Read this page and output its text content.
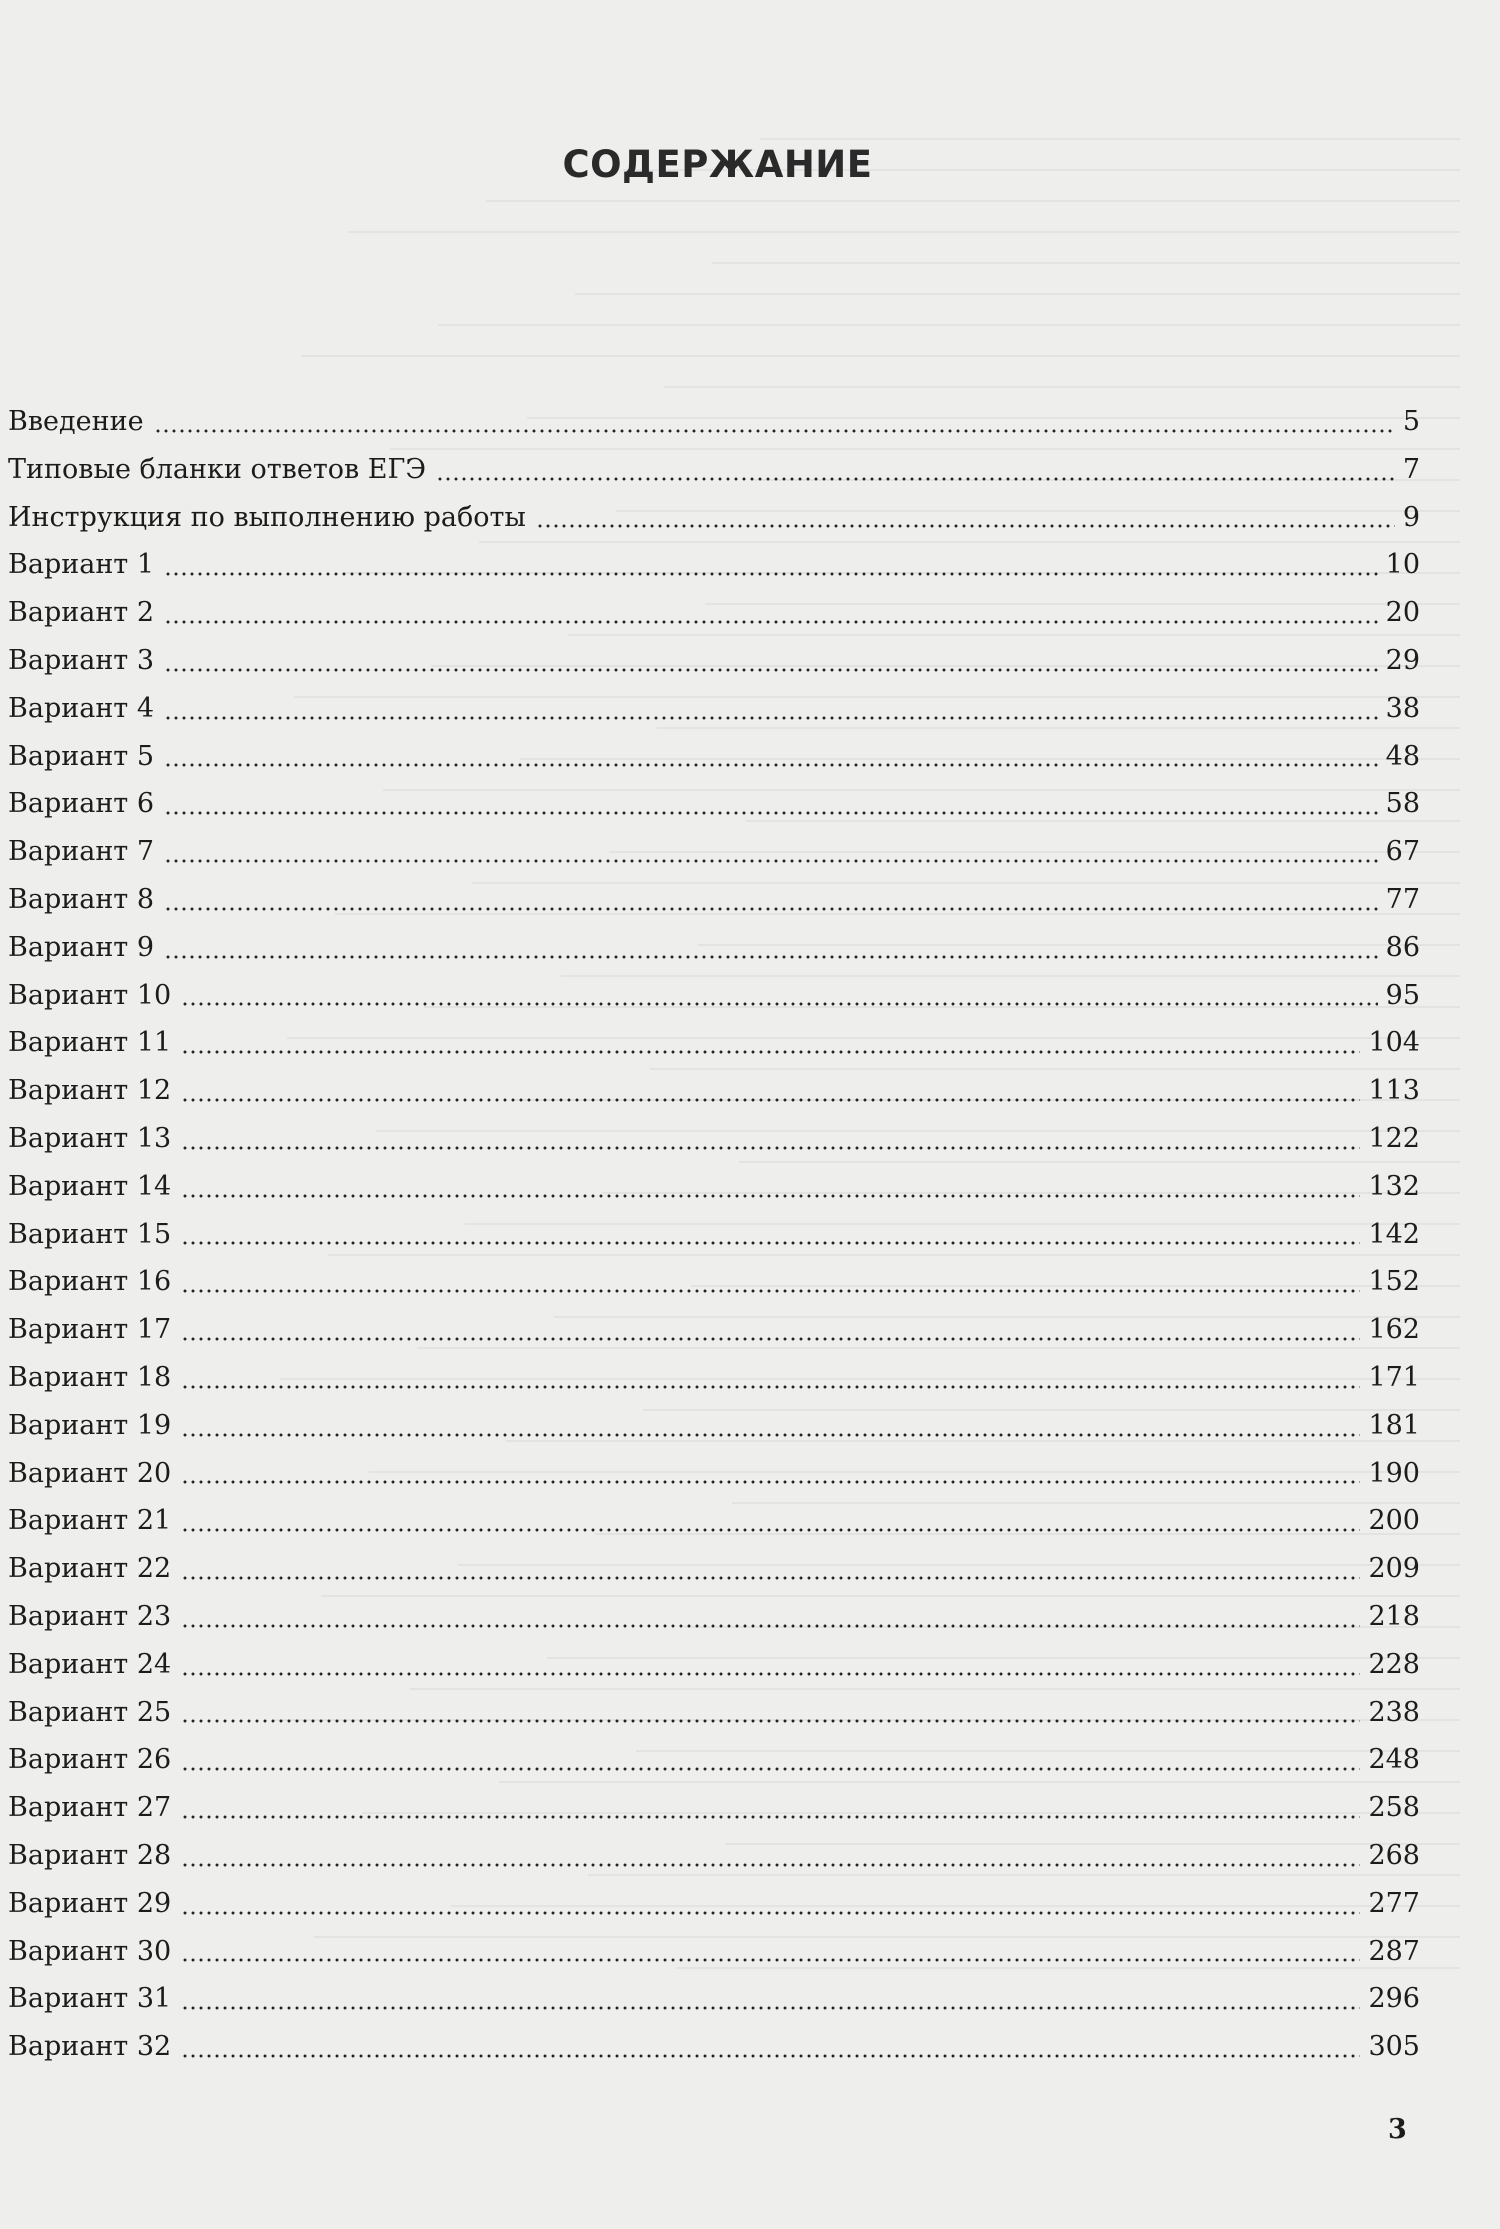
СОДЕРЖАНИЕ
Введение	5
Типовые бланки ответов ЕГЭ	7
Инструкция по выполнению работы	9
Вариант 1	10
Вариант 2	20
Вариант 3	29
Вариант 4	38
Вариант 5	48
Вариант 6	58
Вариант 7	67
Вариант 8	77
Вариант 9	86
Вариант 10	95
Вариант 11	104
Вариант 12	113
Вариант 13	122
Вариант 14	132
Вариант 15	142
Вариант 16	152
Вариант 17	162
Вариант 18	171
Вариант 19	181
Вариант 20	190
Вариант 21	200
Вариант 22	209
Вариант 23	218
Вариант 24	228
Вариант 25	238
Вариант 26	248
Вариант 27	258
Вариант 28	268
Вариант 29	277
Вариант 30	287
Вариант 31	296
Вариант 32	305
3
